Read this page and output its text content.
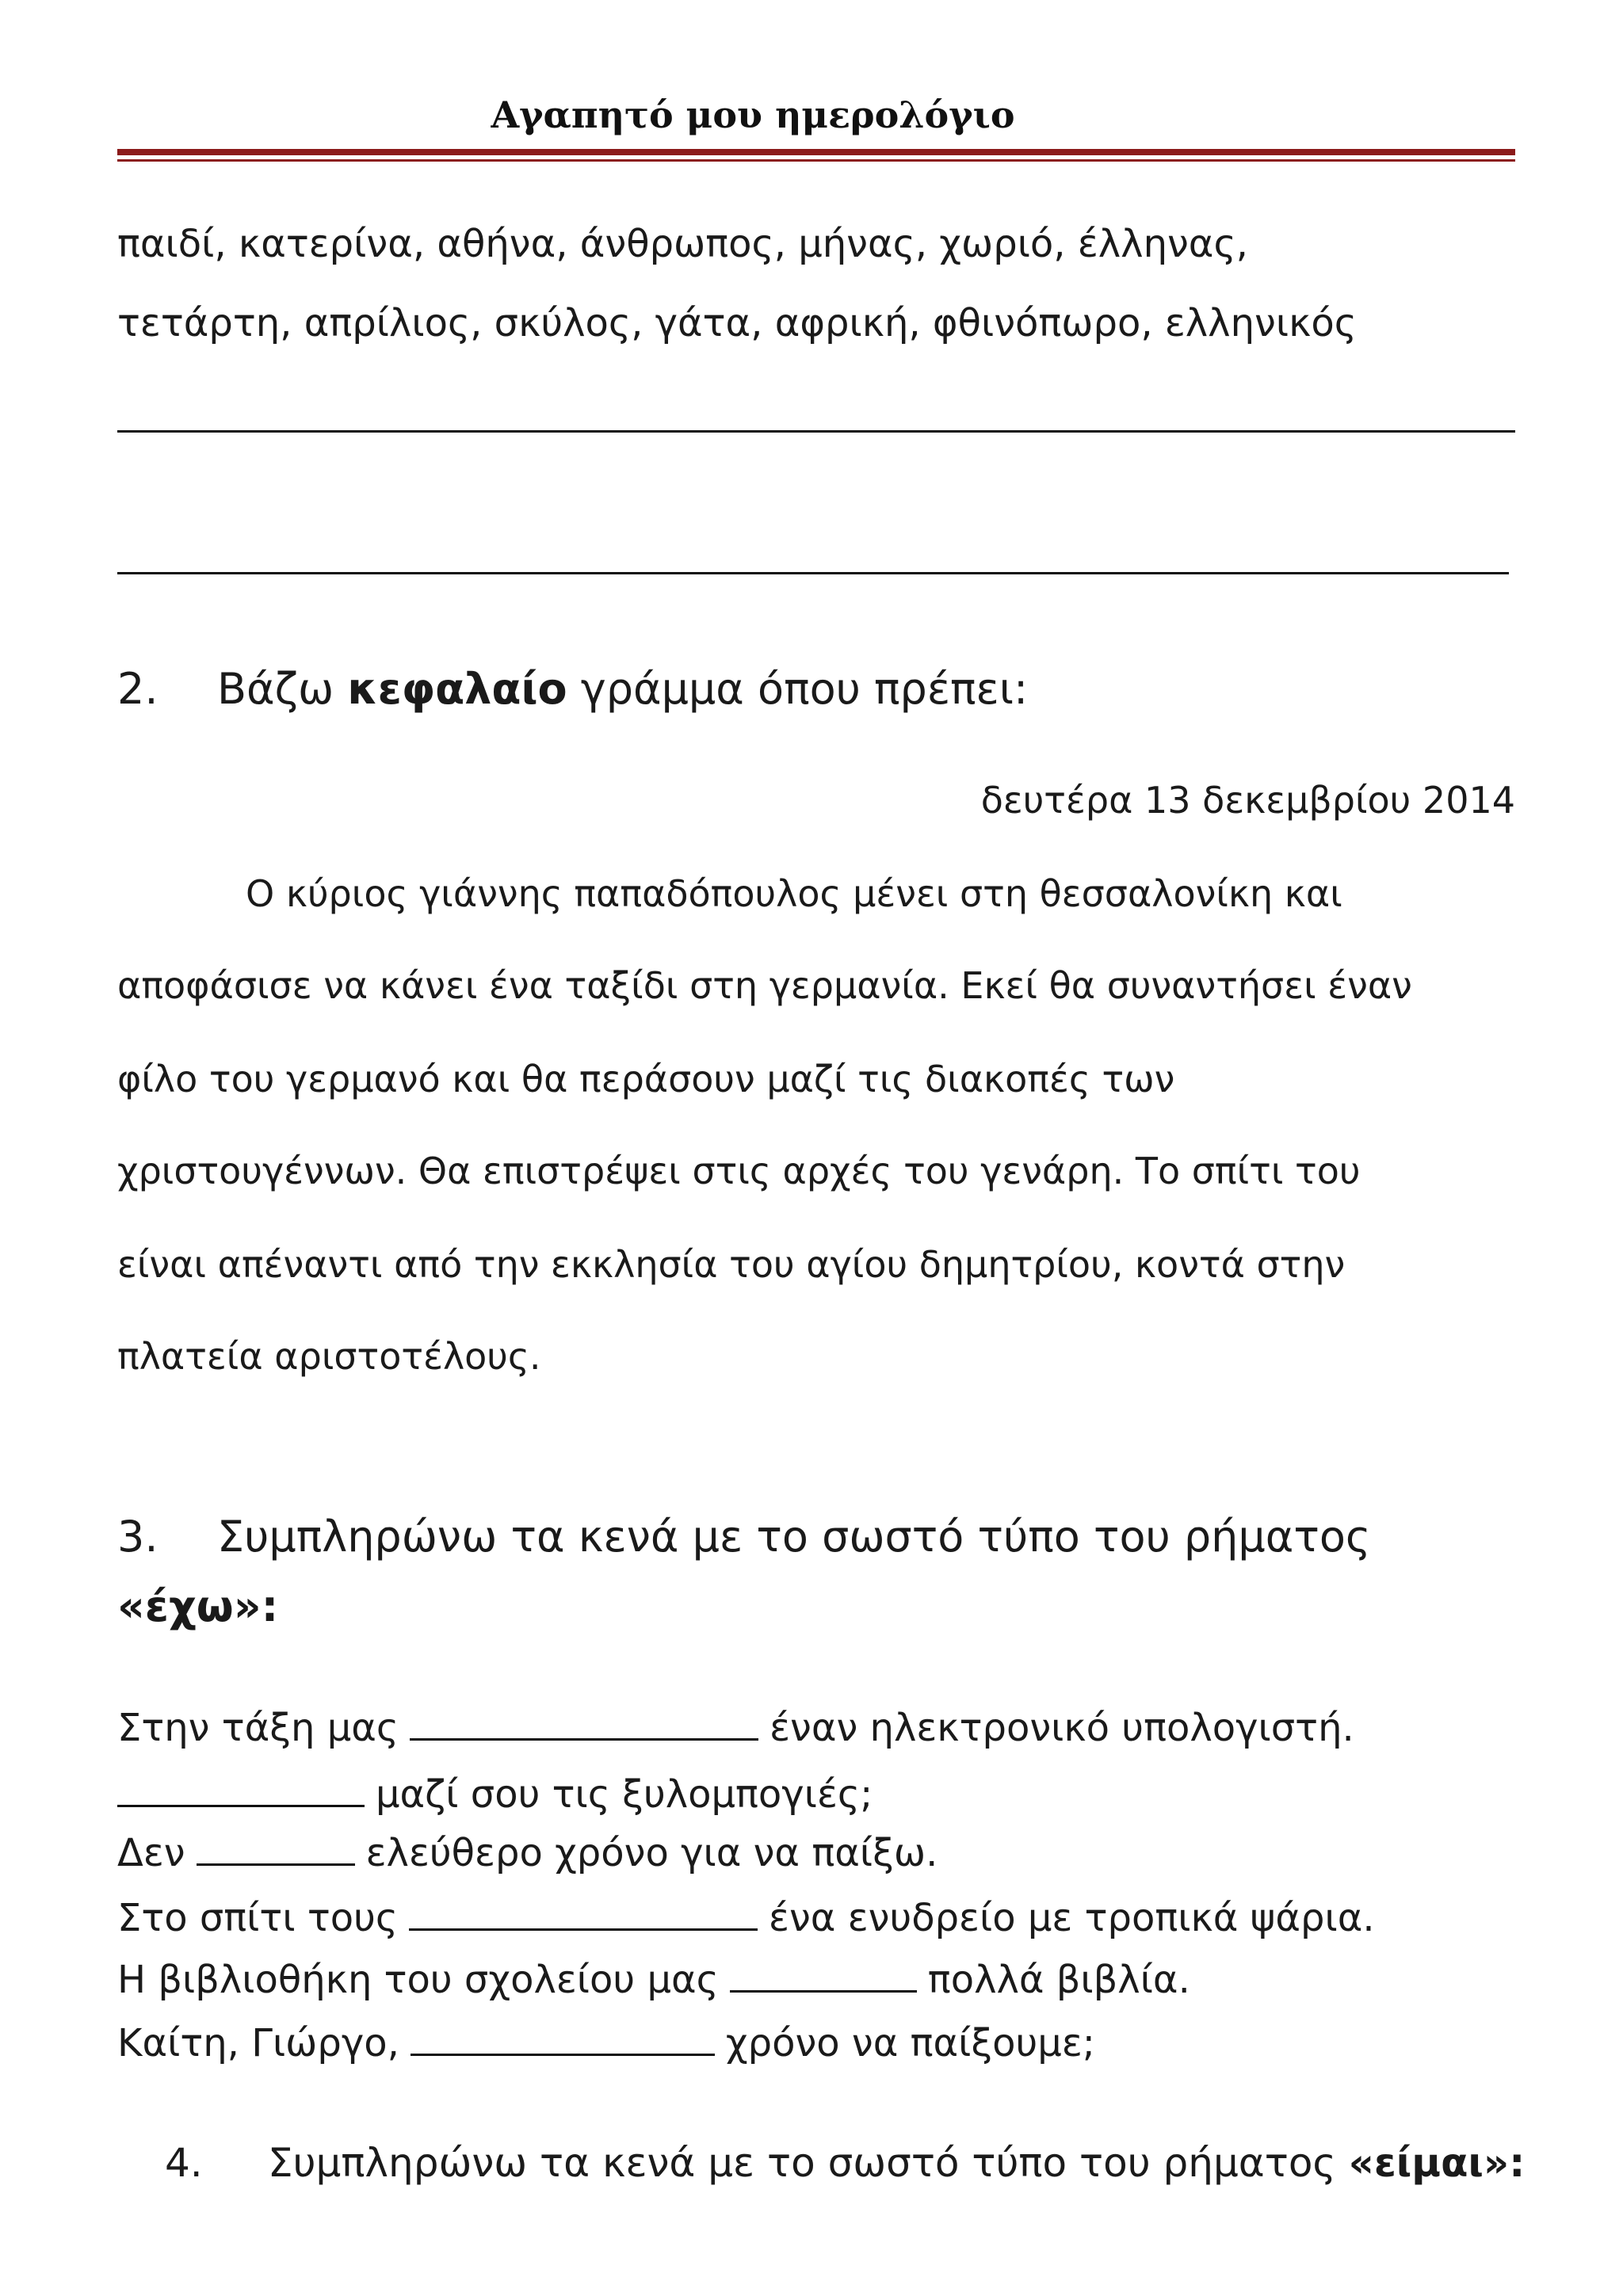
Αγαπητό μου ημερολόγιο
παιδί, κατερίνα, αθήνα, άνθρωπος, μήνας, χωριό, έλληνας,
τετάρτη, απρίλιος, σκύλος, γάτα, αφρική, φθινόπωρο, ελληνικός
2. Βάζω κεφαλαίο γράμμα όπου πρέπει:
δευτέρα 13 δεκεμβρίου 2014
Ο κύριος γιάννης παπαδόπουλος μένει στη θεσσαλονίκη και
αποφάσισε να κάνει ένα ταξίδι στη γερμανία. Εκεί θα συναντήσει έναν
φίλο του γερμανό και θα περάσουν μαζί τις διακοπές των
χριστουγέννων. Θα επιστρέψει στις αρχές του γενάρη. Το σπίτι του
είναι απέναντι από την εκκλησία του αγίου δημητρίου, κοντά στην
πλατεία αριστοτέλους.
3. Συμπληρώνω τα κενά με το σωστό τύπο του ρήματος
«έχω»:
Στην τάξη μας	έναν ηλεκτρονικό υπολογιστή.
μαζί σου τις ξυλομπογιές;
Δεν	ελεύθερο χρόνο για να παίξω.
Στο σπίτι τους	ένα ενυδρείο με τροπικά ψάρια.
Η βιβλιοθήκη του σχολείου μας	πολλά βιβλία.
Καίτη, Γιώργο,	χρόνο να παίξουμε;
4. Συμπληρώνω τα κενά με το σωστό τύπο του ρήματος «είμαι»:
